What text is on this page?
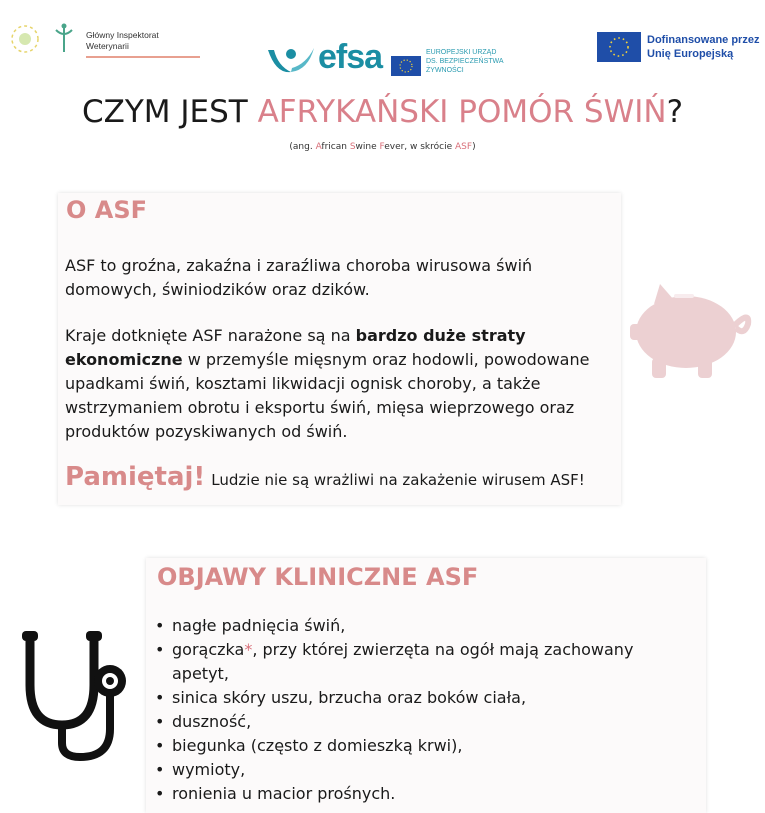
Główny Inspektorat
Weterynarii	efsa	EUROPEJSKI URZĄD
DS. BEZPIECZEŃSTWA
ŻYWNOŚCI
Dofinansowane przez
Unię Europejską
CZYM JEST AFRYKAŃSKI POMÓR ŚWIŃ?
(ang. African Swine Fever, w skrócie ASF)
O ASF
ASF to groźna, zakaźna i zaraźliwa choroba wirusowa świń domowych, świniodzików oraz dzików.
Kraje dotknięte ASF narażone są na bardzo duże straty ekonomiczne w przemyśle mięsnym oraz hodowli, powodowane upadkami świń, kosztami likwidacji ognisk choroby, a także wstrzymaniem obrotu i eksportu świń, mięsa wieprzowego oraz produktów pozyskiwanych od świń.
Pamiętaj! Ludzie nie są wrażliwi na zakażenie wirusem ASF!
OBJAWY KLINICZNE ASF
• nagłe padnięcia świń,
• gorączka*, przy której zwierzęta na ogół mają zachowany apetyt,
• sinica skóry uszu, brzucha oraz boków ciała,
• duszność,
• biegunka (często z domieszką krwi),
• wymioty,
• ronienia u macior prośnych.
